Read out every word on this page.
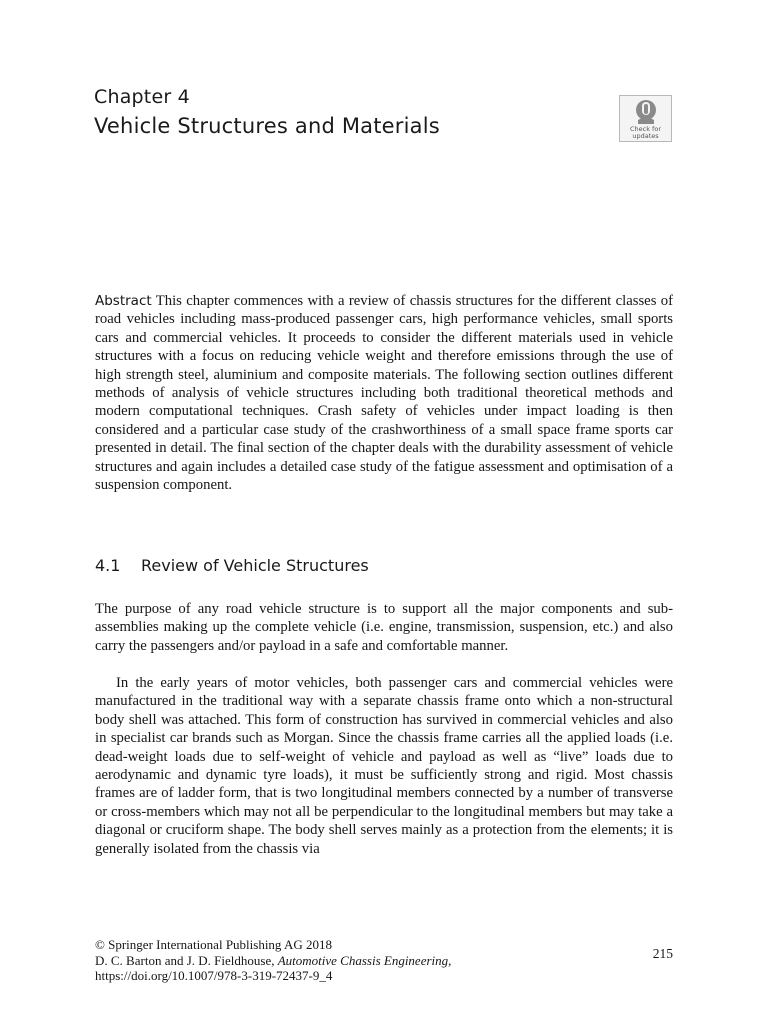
Chapter 4
Vehicle Structures and Materials	Check for
updates
Abstract This chapter commences with a review of chassis structures for the different classes of road vehicles including mass-produced passenger cars, high performance vehicles, small sports cars and commercial vehicles. It proceeds to consider the different materials used in vehicle structures with a focus on reducing vehicle weight and therefore emissions through the use of high strength steel, aluminium and composite materials. The following section outlines different methods of analysis of vehicle structures including both traditional theoretical methods and modern computational techniques. Crash safety of vehicles under impact loading is then considered and a particular case study of the crashworthiness of a small space frame sports car presented in detail. The final section of the chapter deals with the durability assessment of vehicle structures and again includes a detailed case study of the fatigue assessment and optimisation of a suspension component.
4.1 Review of Vehicle Structures
The purpose of any road vehicle structure is to support all the major components and sub-assemblies making up the complete vehicle (i.e. engine, transmission, suspension, etc.) and also carry the passengers and/or payload in a safe and comfortable manner.
In the early years of motor vehicles, both passenger cars and commercial vehicles were manufactured in the traditional way with a separate chassis frame onto which a non-structural body shell was attached. This form of construction has survived in commercial vehicles and also in specialist car brands such as Morgan. Since the chassis frame carries all the applied loads (i.e. dead-weight loads due to self-weight of vehicle and payload as well as “live” loads due to aerodynamic and dynamic tyre loads), it must be sufficiently strong and rigid. Most chassis frames are of ladder form, that is two longitudinal members connected by a number of transverse or cross-members which may not all be perpendicular to the longitudinal members but may take a diagonal or cruciform shape. The body shell serves mainly as a protection from the elements; it is generally isolated from the chassis via
© Springer International Publishing AG 2018
D. C. Barton and J. D. Fieldhouse, Automotive Chassis Engineering,
https://doi.org/10.1007/978-3-319-72437-9_4
215
